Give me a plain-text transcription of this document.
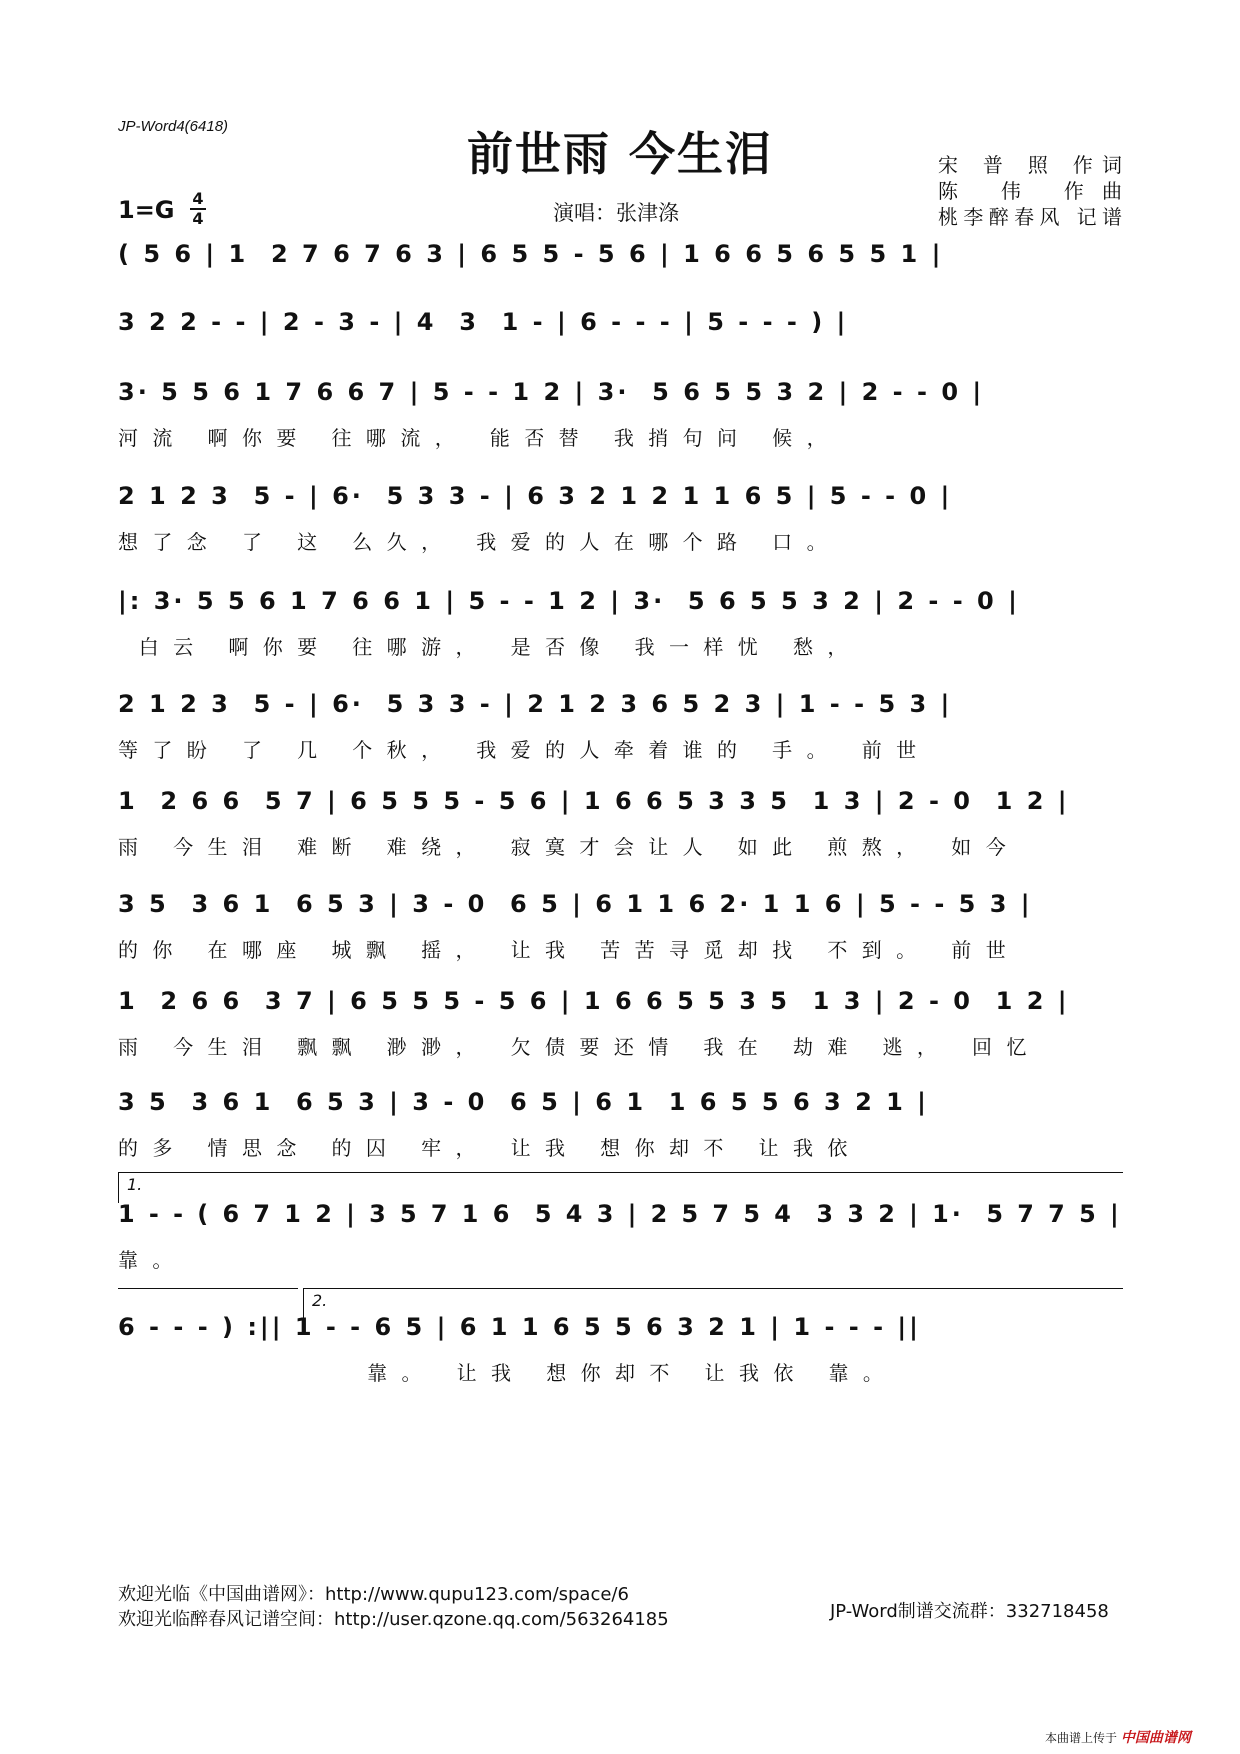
JP-Word4(6418)
前世雨 今生泪	宋 普 照 作词
陈 伟 作曲
桃李醉春风 记谱
$1=G \frac{4}{4}$	演唱：张津涤
( 5 6 | 1  2 7 6 7 6 3 | 6 5 5 - 5 6 | 1 6 6 5 6 5 5 1 |
3 2 2 - - | 2 - 3 - | 4  3  1 - | 6 - - - | 5 - - - ) |
3· 5 5 6 1 7 6 6 7 | 5 - - 1 2 | 3·  5 6 5 5 3 2 | 2 - - 0 |
河流 啊你要 往哪流， 能否替 我捎句问 候，
2 1 2 3  5 - | 6·  5 3 3 - | 6 3 2 1 2 1 1 6 5 | 5 - - 0 |
想了念 了 这 么久， 我爱的人在哪个路 口。
|: 3· 5 5 6 1 7 6 6 1 | 5 - - 1 2 | 3·  5 6 5 5 3 2 | 2 - - 0 |
白云 啊你要 往哪游， 是否像 我一样忧 愁，
2 1 2 3  5 - | 6·  5 3 3 - | 2 1 2 3 6 5 2 3 | 1 - - 5 3 |
等了盼 了 几 个秋， 我爱的人牵着谁的 手。 前世
1  2 6 6  5 7 | 6 5 5 5 - 5 6 | 1 6 6 5 3 3 5  1 3 | 2 - 0  1 2 |
雨 今生泪 难断 难绕， 寂寞才会让人 如此 煎熬， 如今
3 5  3 6 1  6 5 3 | 3 - 0  6 5 | 6 1 1 6 2· 1 1 6 | 5 - - 5 3 |
的你 在哪座 城飘 摇， 让我 苦苦寻觅却找 不到。 前世
1  2 6 6  3 7 | 6 5 5 5 - 5 6 | 1 6 6 5 5 3 5  1 3 | 2 - 0  1 2 |
雨 今生泪 飘飘 渺渺， 欠债要还情 我在 劫难 逃， 回忆
3 5  3 6 1  6 5 3 | 3 - 0  6 5 | 6 1  1 6 5 5 6 3 2 1 |
的多 情思念 的囚 牢， 让我 想你却不 让我依
1.
1 - - ( 6 7 1 2 | 3 5 7 1 6  5 4 3 | 2 5 7 5 4  3 3 2 | 1·  5 7 7 5 |
靠。
2.
6 - - - ) :|| 1 - - 6 5 | 6 1 1 6 5 5 6 3 2 1 | 1 - - - ||
靠。 让我 想你却不 让我依 靠。
欢迎光临《中国曲谱网》：http://www.qupu123.com/space/6
欢迎光临醉春风记谱空间：http://user.qzone.qq.com/563264185	JP-Word制谱交流群：332718458
本曲谱上传于 中国曲谱网
